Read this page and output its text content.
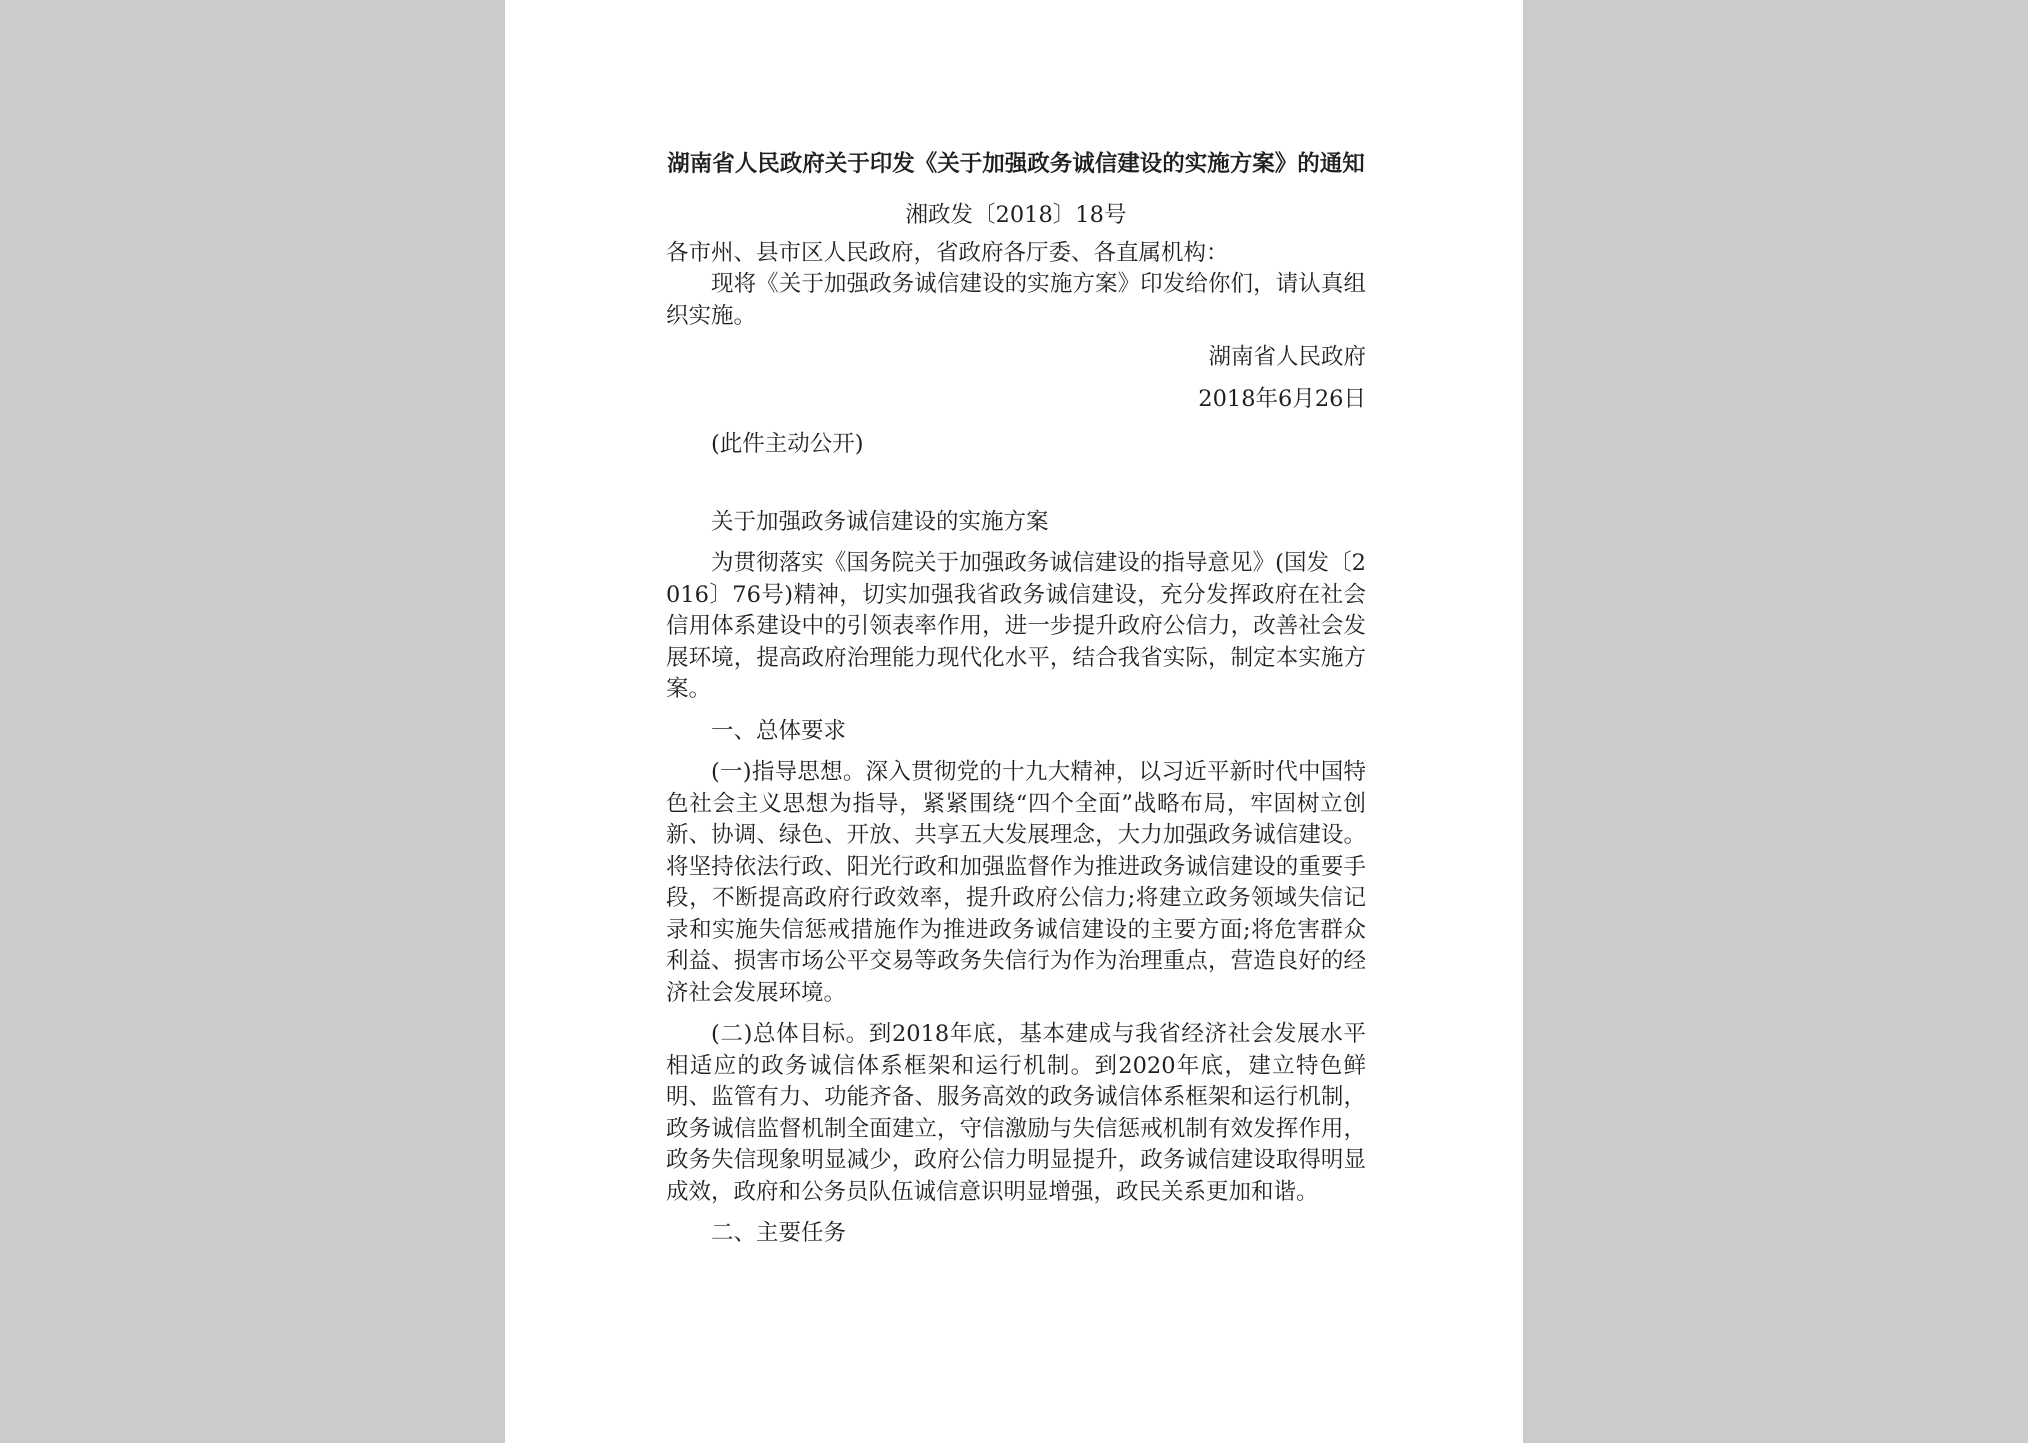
湖南省人民政府关于印发《关于加强政务诚信建设的实施方案》的通知
湘政发〔2018〕18号
各市州、县市区人民政府，省政府各厅委、各直属机构：

现将《关于加强政务诚信建设的实施方案》印发给你们，请认真组织实施。

湖南省人民政府
2018年6月26日
(此件主动公开)
关于加强政务诚信建设的实施方案

为贯彻落实《国务院关于加强政务诚信建设的指导意见》(国发〔2016〕76号)精神，切实加强我省政务诚信建设，充分发挥政府在社会信用体系建设中的引领表率作用，进一步提升政府公信力，改善社会发展环境，提高政府治理能力现代化水平，结合我省实际，制定本实施方案。

一、总体要求

(一)指导思想。深入贯彻党的十九大精神，以习近平新时代中国特色社会主义思想为指导，紧紧围绕“四个全面”战略布局，牢固树立创新、协调、绿色、开放、共享五大发展理念，大力加强政务诚信建设。将坚持依法行政、阳光行政和加强监督作为推进政务诚信建设的重要手段，不断提高政府行政效率，提升政府公信力;将建立政务领域失信记录和实施失信惩戒措施作为推进政务诚信建设的主要方面;将危害群众利益、损害市场公平交易等政务失信行为作为治理重点，营造良好的经济社会发展环境。

(二)总体目标。到2018年底，基本建成与我省经济社会发展水平相适应的政务诚信体系框架和运行机制。到2020年底，建立特色鲜明、监管有力、功能齐备、服务高效的政务诚信体系框架和运行机制，政务诚信监督机制全面建立，守信激励与失信惩戒机制有效发挥作用，政务失信现象明显减少，政府公信力明显提升，政务诚信建设取得明显成效，政府和公务员队伍诚信意识明显增强，政民关系更加和谐。

二、主要任务
